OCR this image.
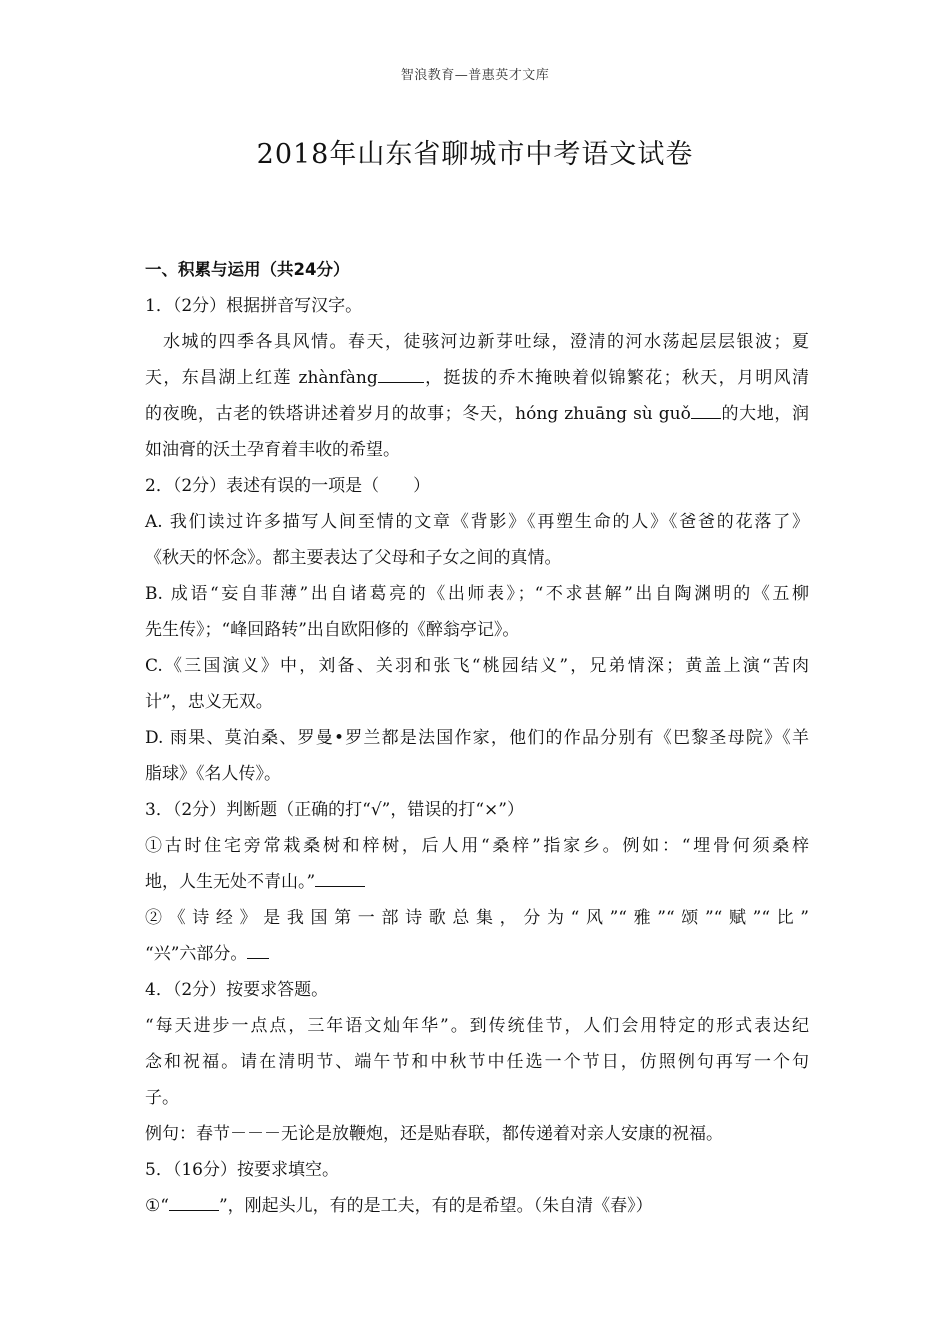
智浪教育—普惠英才文库
2018年山东省聊城市中考语文试卷
一、积累与运用（共24分）
1．（2分）根据拼音写汉字。
水城的四季各具风情。春天，徒骇河边新芽吐绿，澄清的河水荡起层层银波；夏
天，东昌湖上红莲 zhànfàng	，挺拔的乔木掩映着似锦繁花；秋天，月明风清
的夜晚，古老的铁塔讲述着岁月的故事；冬天，hóng zhuāng sù guǒ 的大地，润
如油膏的沃土孕育着丰收的希望。
2．（2分）表述有误的一项是（　　）
A. 我们读过许多描写人间至情的文章《背影》《再塑生命的人》《爸爸的花落了》
《秋天的怀念》。都主要表达了父母和子女之间的真情。
B. 成语“妄自菲薄”出自诸葛亮的《出师表》；“不求甚解”出自陶渊明的《五柳
先生传》；“峰回路转”出自欧阳修的《醉翁亭记》。
C.《三国演义》中，刘备、关羽和张飞“桃园结义”，兄弟情深；黄盖上演“苦肉
计”，忠义无双。
D. 雨果、莫泊桑、罗曼•罗兰都是法国作家，他们的作品分别有《巴黎圣母院》《羊
脂球》《名人传》。
3．（2分）判断题（正确的打“√”，错误的打“×”）
①古时住宅旁常栽桑树和梓树，后人用“桑梓”指家乡。例如：“埋骨何须桑梓
地，人生无处不青山。”
②《诗经》是我国第一部诗歌总集，分为“风”“雅”“颂”“赋”“比”
“兴”六部分。
4．（2分）按要求答题。
“每天进步一点点，三年语文灿年华”。到传统佳节，人们会用特定的形式表达纪
念和祝福。请在清明节、端午节和中秋节中任选一个节日，仿照例句再写一个句
子。
例句：春节－－－无论是放鞭炮，还是贴春联，都传递着对亲人安康的祝福。
5．（16分）按要求填空。
①“	”，刚起头儿，有的是工夫，有的是希望。（朱自清《春》）
